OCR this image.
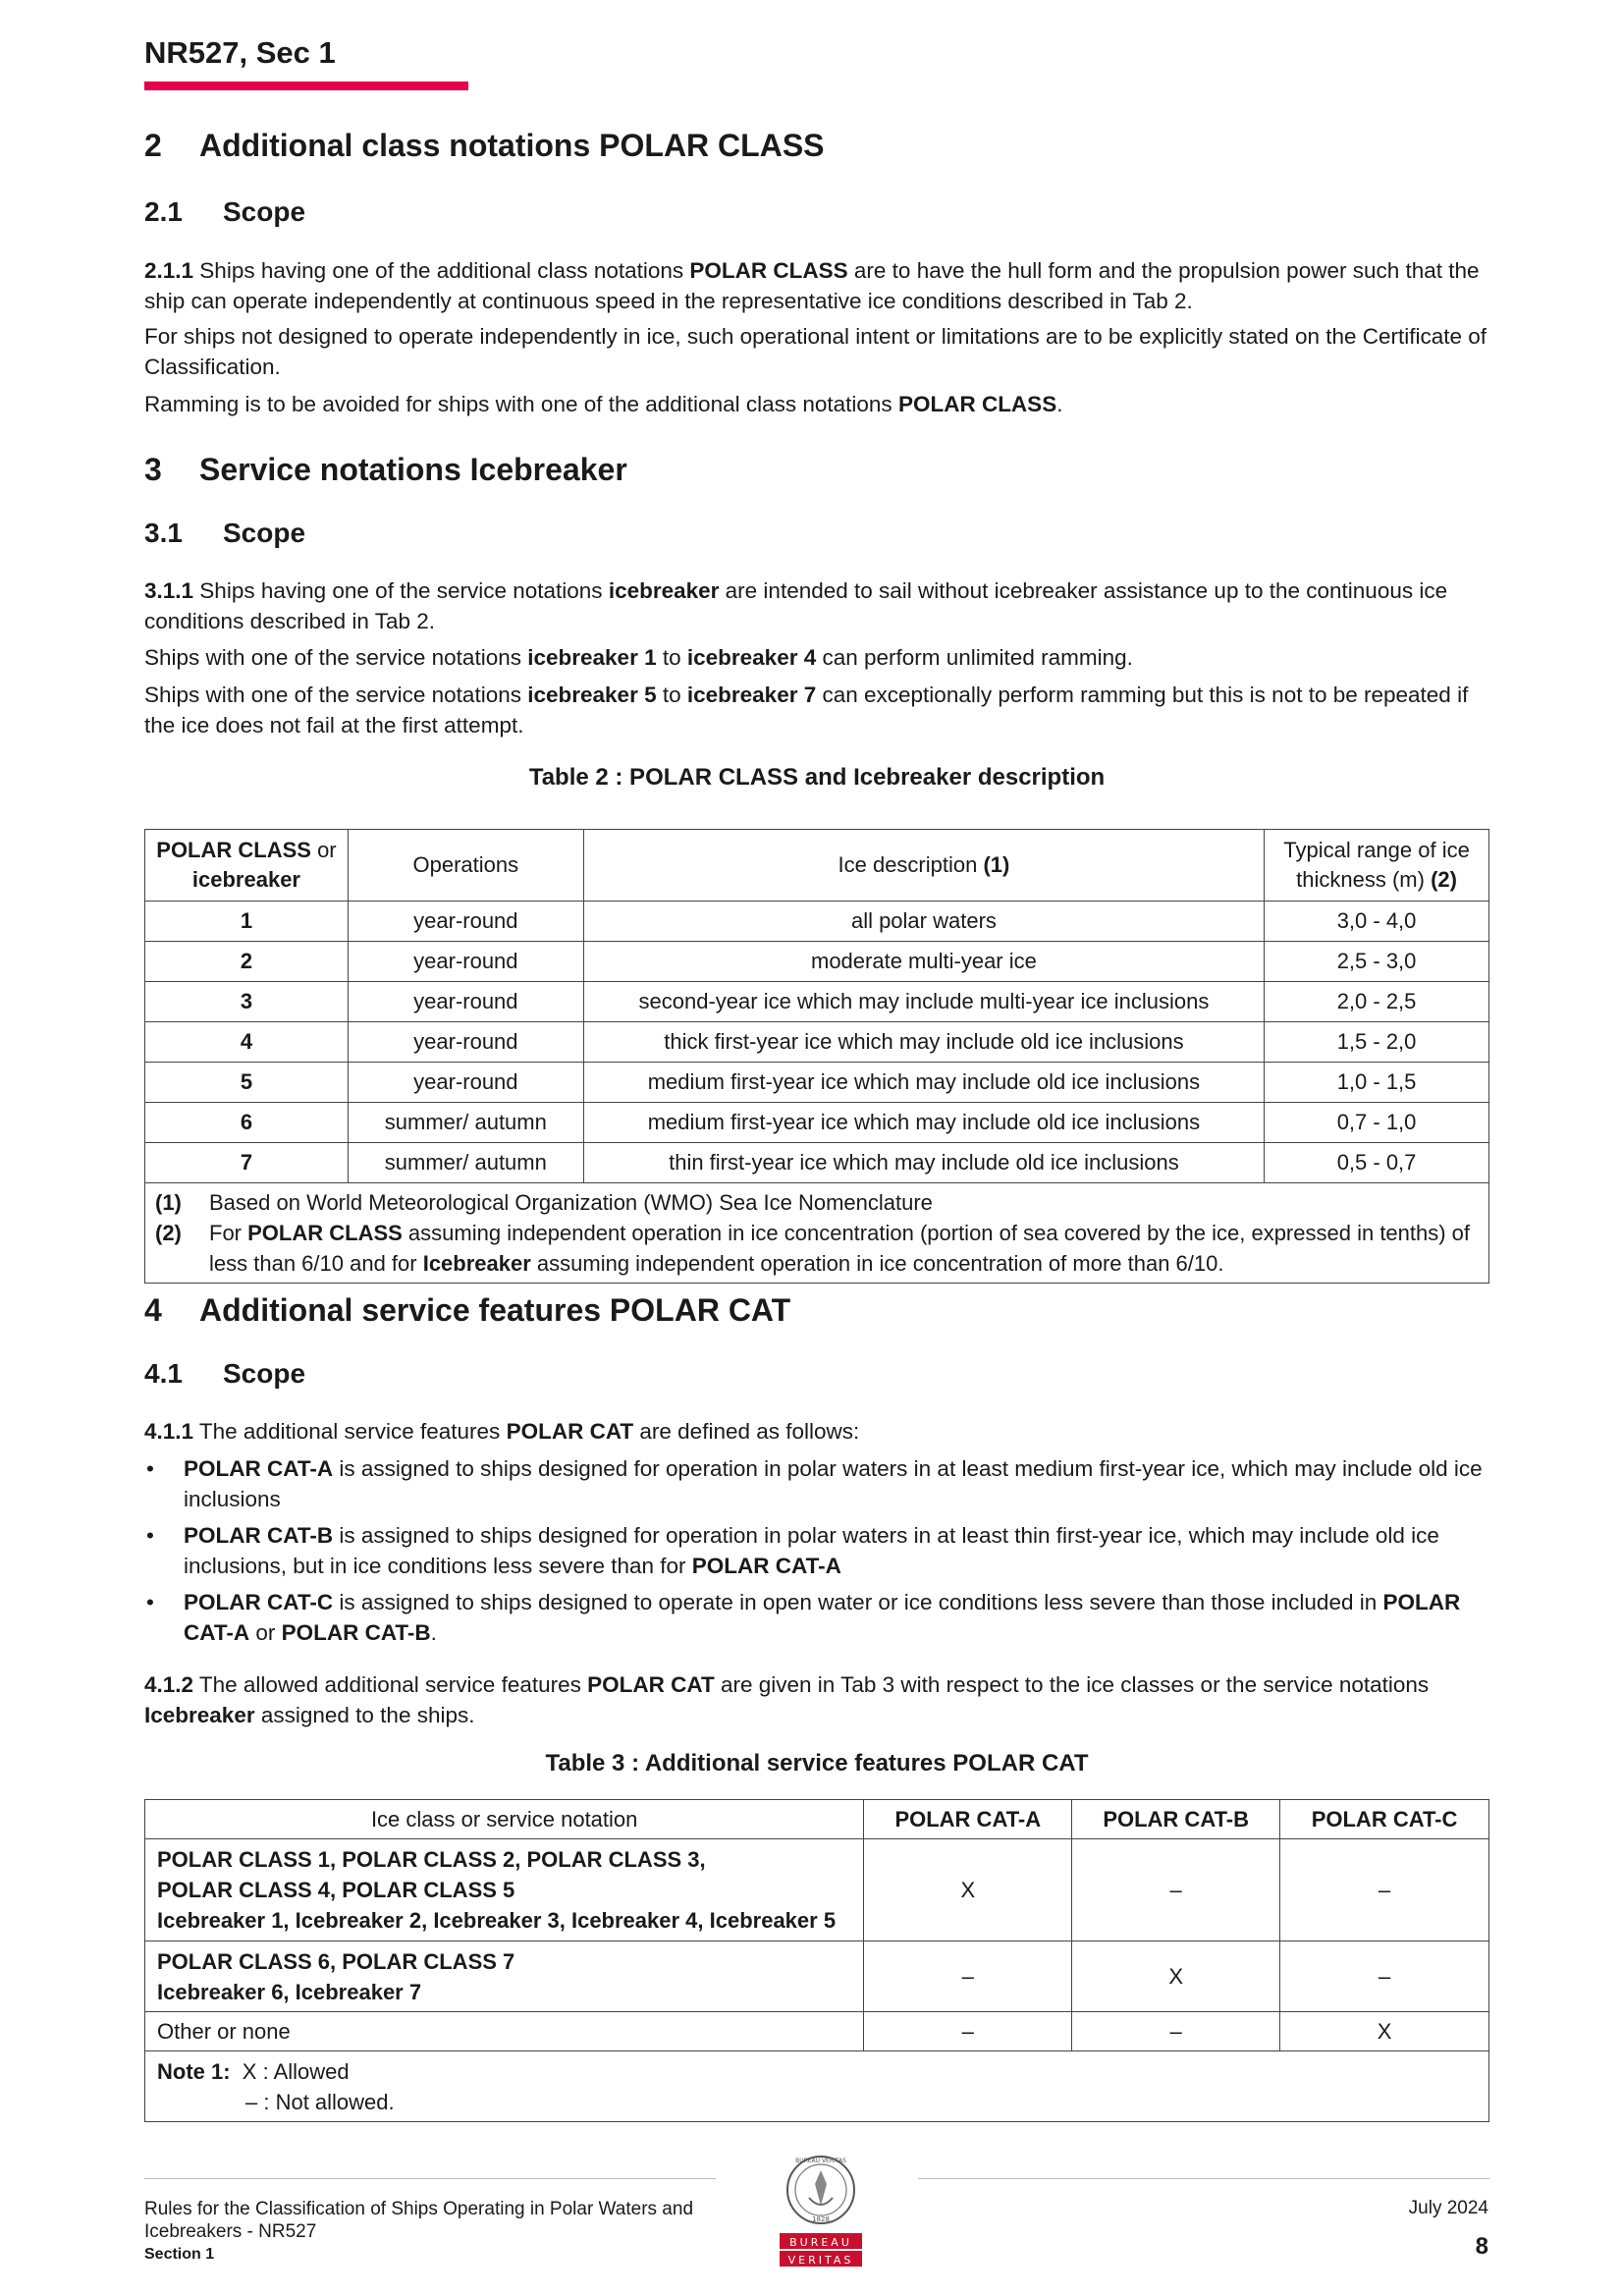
NR527, Sec 1
2 Additional class notations POLAR CLASS
2.1 Scope
2.1.1 Ships having one of the additional class notations POLAR CLASS are to have the hull form and the propulsion power such that the ship can operate independently at continuous speed in the representative ice conditions described in Tab 2.
For ships not designed to operate independently in ice, such operational intent or limitations are to be explicitly stated on the Certificate of Classification.
Ramming is to be avoided for ships with one of the additional class notations POLAR CLASS.
3 Service notations Icebreaker
3.1 Scope
3.1.1 Ships having one of the service notations icebreaker are intended to sail without icebreaker assistance up to the continuous ice conditions described in Tab 2.
Ships with one of the service notations icebreaker 1 to icebreaker 4 can perform unlimited ramming.
Ships with one of the service notations icebreaker 5 to icebreaker 7 can exceptionally perform ramming but this is not to be repeated if the ice does not fail at the first attempt.
Table 2 : POLAR CLASS and Icebreaker description
POLAR CLASS or
icebreaker	Operations	Ice description (1)	Typical range of ice
thickness (m) (2)
1	year-round	all polar waters	3,0 - 4,0
2	year-round	moderate multi-year ice	2,5 - 3,0
3	year-round	second-year ice which may include multi-year ice inclusions	2,0 - 2,5
4	year-round	thick first-year ice which may include old ice inclusions	1,5 - 2,0
5	year-round	medium first-year ice which may include old ice inclusions	1,0 - 1,5
6	summer/ autumn	medium first-year ice which may include old ice inclusions	0,7 - 1,0
7	summer/ autumn	thin first-year ice which may include old ice inclusions	0,5 - 0,7

(1) Based on World Meteorological Organization (WMO) Sea Ice Nomenclature
(2) For POLAR CLASS assuming independent operation in ice concentration (portion of sea covered by the ice, expressed in tenths) of less than 6/10 and for Icebreaker assuming independent operation in ice concentration of more than 6/10.			
4 Additional service features POLAR CAT
4.1 Scope
4.1.1 The additional service features POLAR CAT are defined as follows:
• POLAR CAT-A is assigned to ships designed for operation in polar waters in at least medium first-year ice, which may include old ice inclusions
• POLAR CAT-B is assigned to ships designed for operation in polar waters in at least thin first-year ice, which may include old ice inclusions, but in ice conditions less severe than for POLAR CAT-A
• POLAR CAT-C is assigned to ships designed to operate in open water or ice conditions less severe than those included in POLAR CAT-A or POLAR CAT-B.
4.1.2 The allowed additional service features POLAR CAT are given in Tab 3 with respect to the ice classes or the service notations Icebreaker assigned to the ships.
Table 3 : Additional service features POLAR CAT
Ice class or service notation	POLAR CAT-A	POLAR CAT-B	POLAR CAT-C

POLAR CLASS 1, POLAR CLASS 2, POLAR CLASS 3,
POLAR CLASS 4, POLAR CLASS 5
Icebreaker 1, Icebreaker 2, Icebreaker 3, Icebreaker 4, Icebreaker 5	X	–	–

POLAR CLASS 6, POLAR CLASS 7
Icebreaker 6, Icebreaker 7	–	X	–
Other or none	–	–	X

Note 1: X : Allowed
– : Not allowed.			
Rules for the Classification of Ships Operating in Polar Waters and
Icebreakers - NR527
Section 1
July 2024
8
BUREAU VERITAS
1828
BUREAU
VERITAS
